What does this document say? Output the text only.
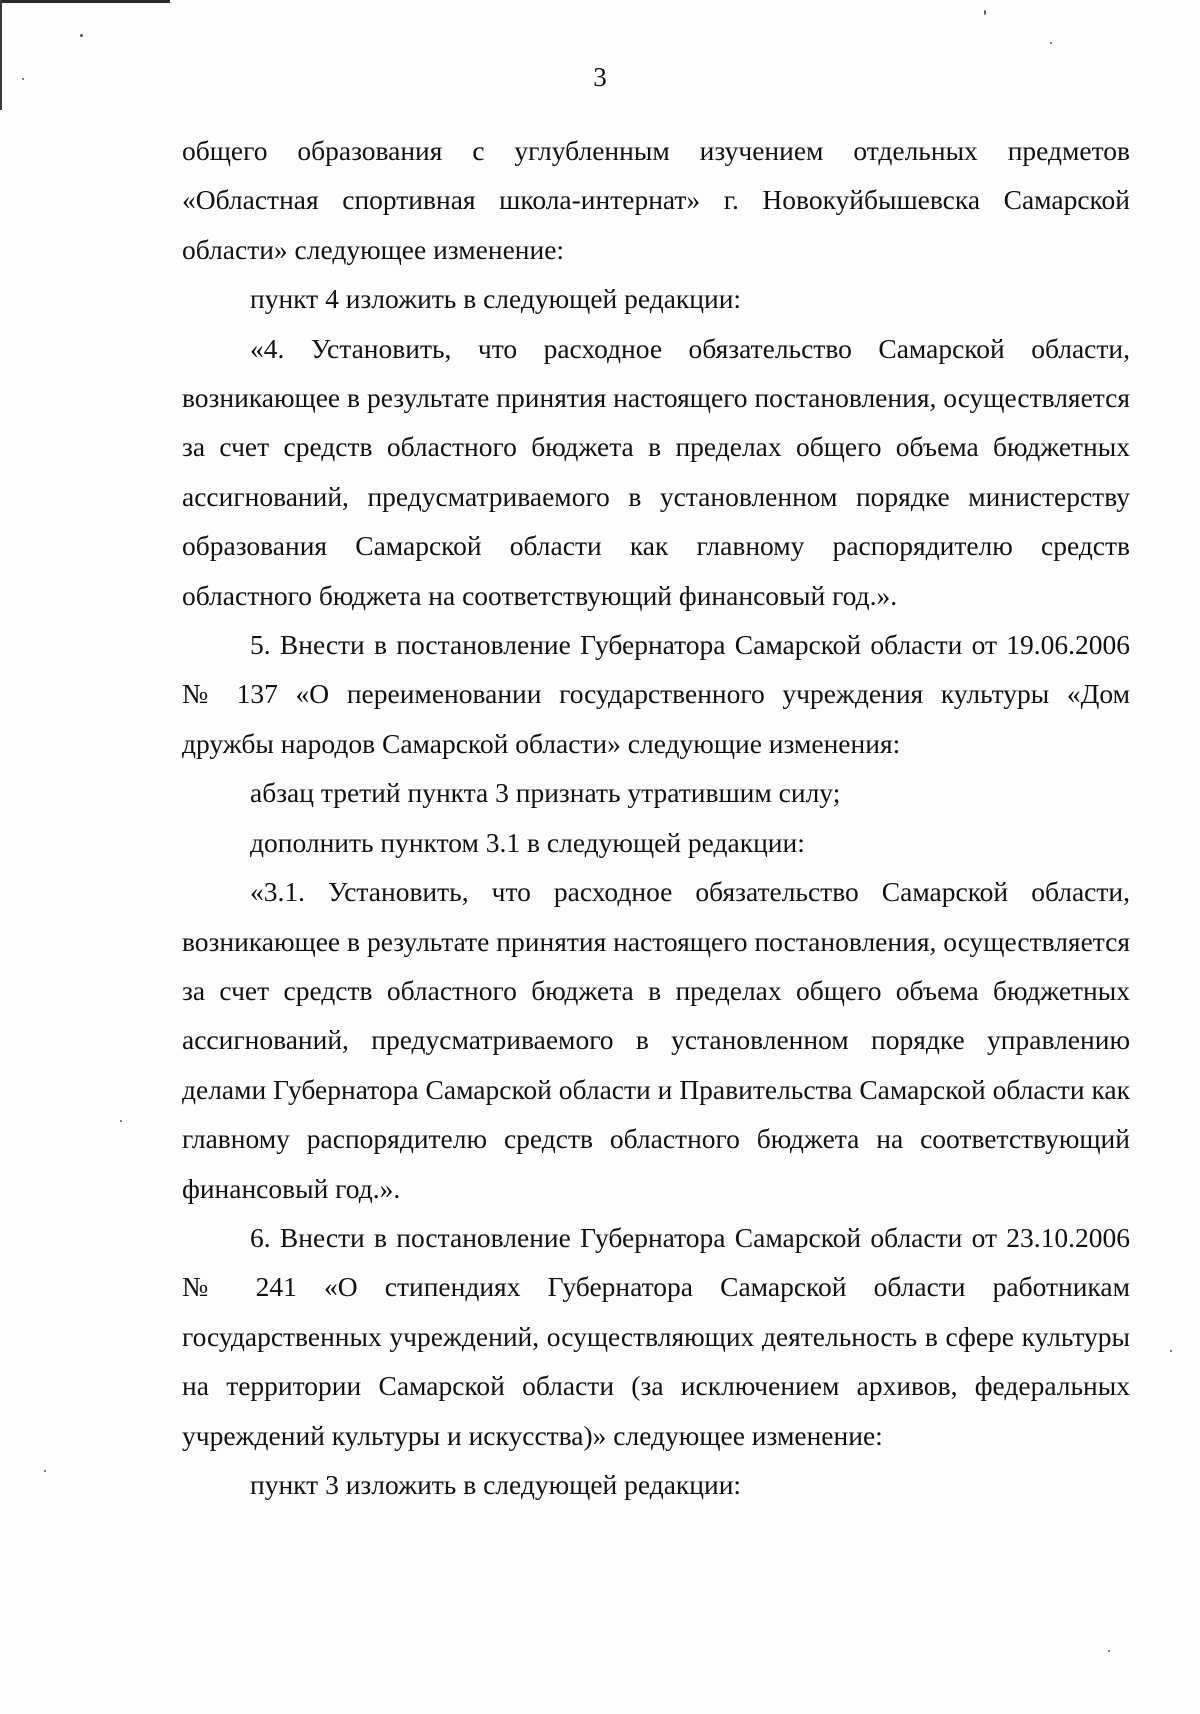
3

общего образования с углубленным изучением отдельных предметов «Областная спортивная школа-интернат» г. Новокуйбышевска Самарской области» следующее изменение:

пункт 4 изложить в следующей редакции:

«4. Установить, что расходное обязательство Самарской области, возникающее в результате принятия настоящего постановления, осуществляется за счет средств областного бюджета в пределах общего объема бюджетных ассигнований, предусматриваемого в установленном порядке министерству образования Самарской области как главному распорядителю средств областного бюджета на соответствующий финансовый год.».

5. Внести в постановление Губернатора Самарской области от 19.06.2006 № 137 «О переименовании государственного учреждения культуры «Дом дружбы народов Самарской области» следующие изменения:

абзац третий пункта 3 признать утратившим силу;

дополнить пунктом 3.1 в следующей редакции:

«3.1. Установить, что расходное обязательство Самарской области, возникающее в результате принятия настоящего постановления, осуществляется за счет средств областного бюджета в пределах общего объема бюджетных ассигнований, предусматриваемого в установленном порядке управлению делами Губернатора Самарской области и Правительства Самарской области как главному распорядителю средств областного бюджета на соответствующий финансовый год.».

6. Внести в постановление Губернатора Самарской области от 23.10.2006 № 241 «О стипендиях Губернатора Самарской области работникам государственных учреждений, осуществляющих деятельность в сфере культуры на территории Самарской области (за исключением архивов, федеральных учреждений культуры и искусства)» следующее изменение:

пункт 3 изложить в следующей редакции:
